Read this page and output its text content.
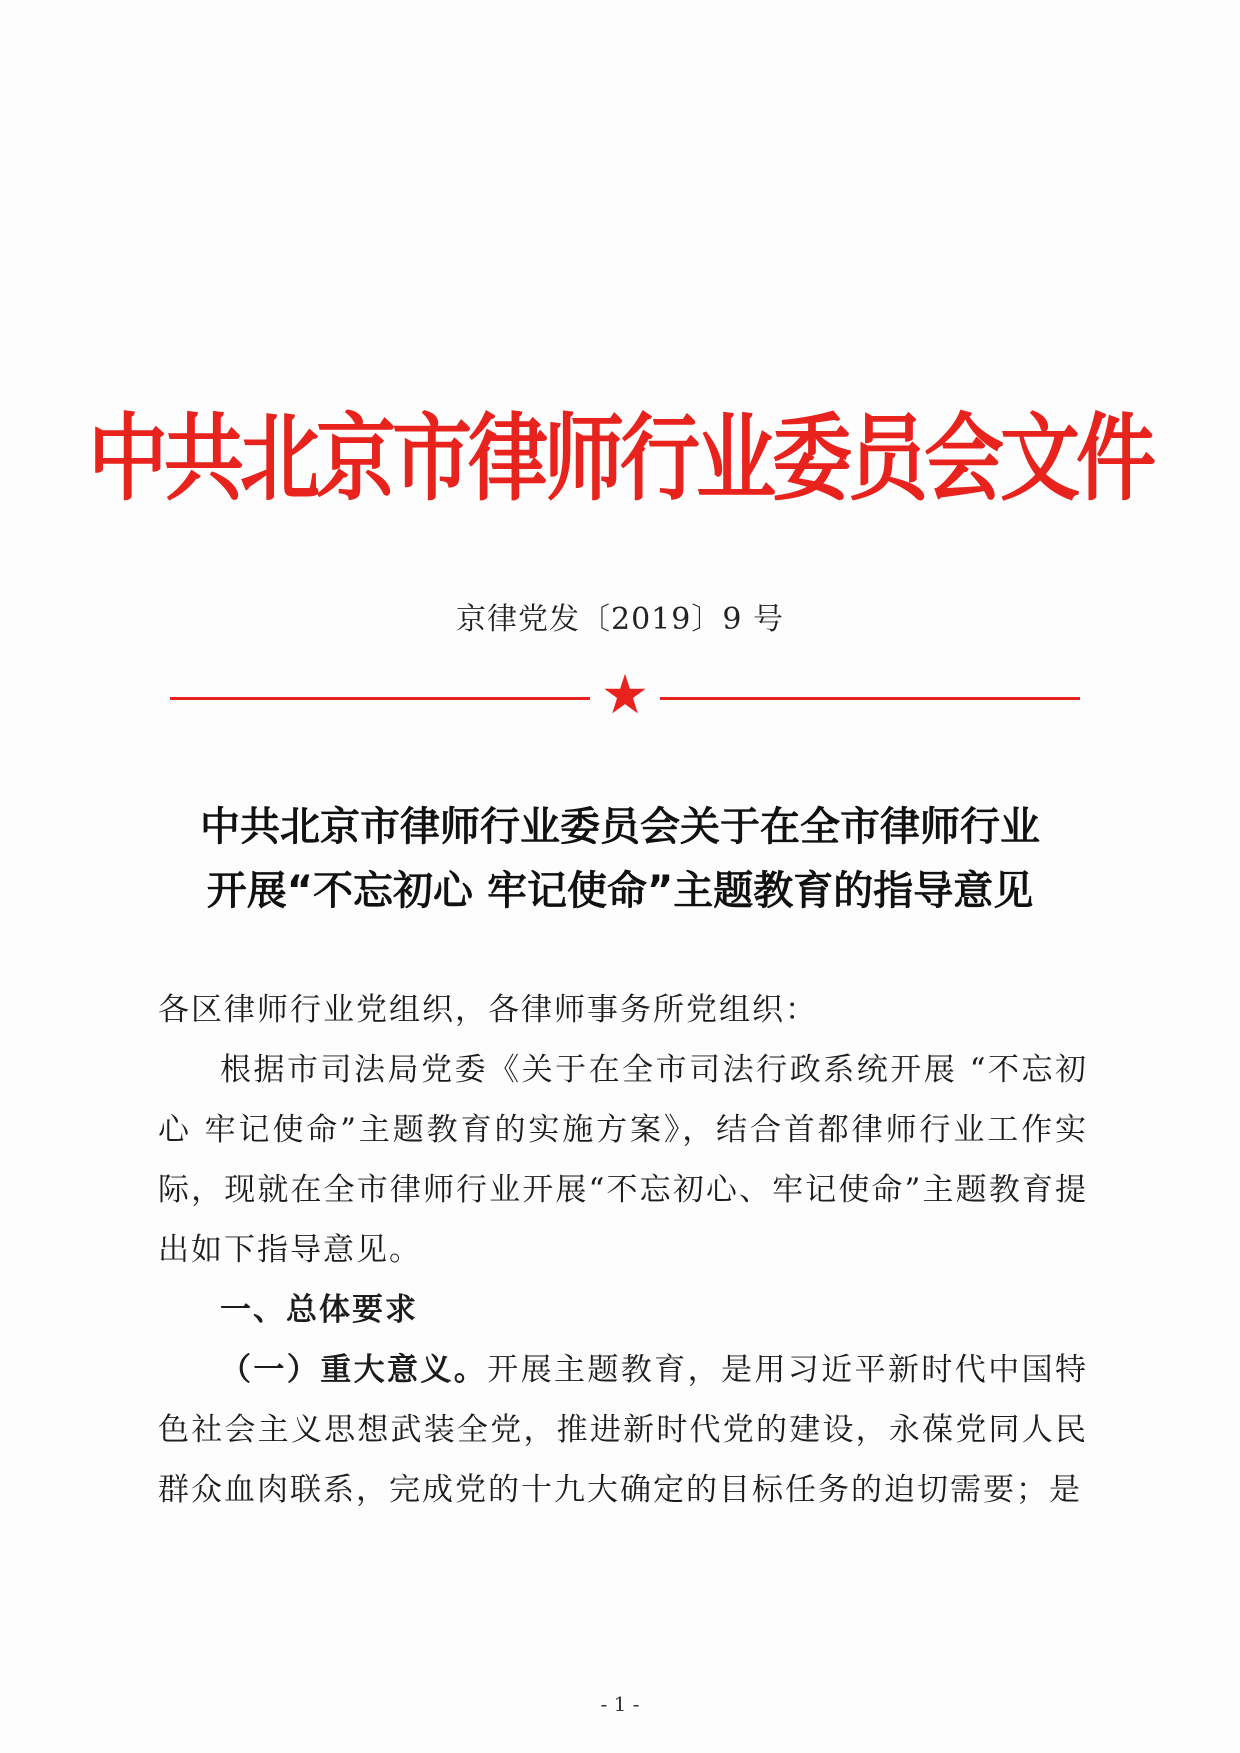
中共北京市律师行业委员会文件
京律党发〔2019〕9 号
中共北京市律师行业委员会关于在全市律师行业
开展“不忘初心 牢记使命”主题教育的指导意见

各区律师行业党组织，各律师事务所党组织：

根据市司法局党委《关于在全市司法行政系统开展 “不忘初心 牢记使命”主题教育的实施方案》，结合首都律师行业工作实际，现就在全市律师行业开展“不忘初心、牢记使命”主题教育提出如下指导意见。

一、总体要求

（一）重大意义。开展主题教育，是用习近平新时代中国特色社会主义思想武装全党，推进新时代党的建设，永葆党同人民群众血肉联系，完成党的十九大确定的目标任务的迫切需要；是

- 1 -
